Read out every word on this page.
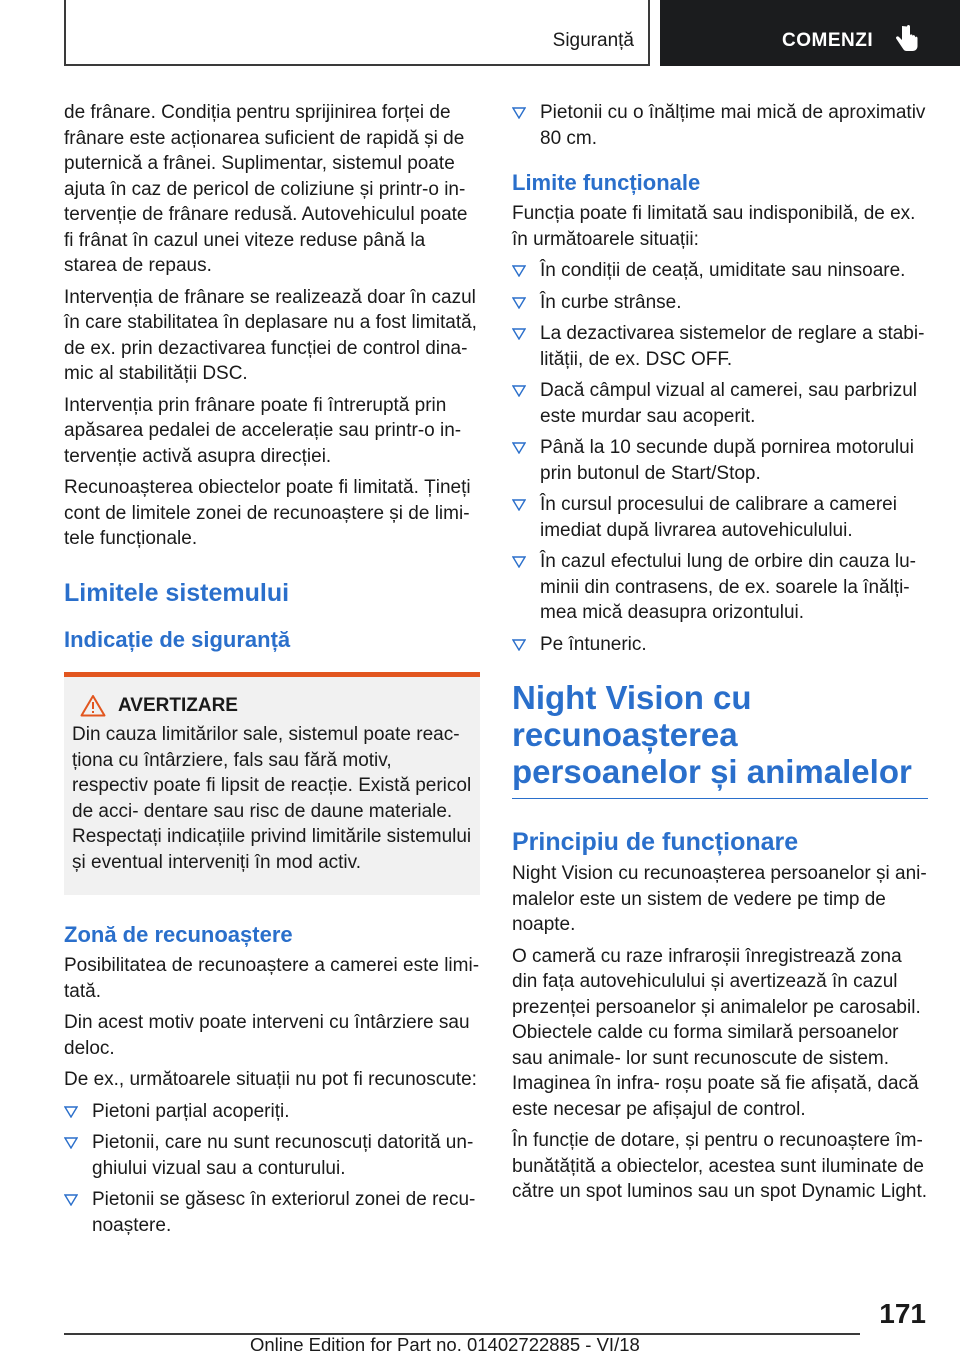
Siguranță	COMENZI

de frânare. Condiția pentru sprijinirea forței de frânare este acționarea suficient de rapidă și de puternică a frânei. Suplimentar, sistemul poate ajuta în caz de pericol de coliziune și printr-o in‐ tervenție de frânare redusă. Autovehiculul poate fi frânat în cazul unei viteze reduse până la starea de repaus.

Intervenția de frânare se realizează doar în cazul în care stabilitatea în deplasare nu a fost limitată, de ex. prin dezactivarea funcției de control dina‐ mic al stabilității DSC.

Intervenția prin frânare poate fi întreruptă prin apăsarea pedalei de accelerație sau printr-o in‐ tervenție activă asupra direcției.

Recunoașterea obiectelor poate fi limitată. Țineți cont de limitele zonei de recunoaștere și de limi‐ tele funcționale.

Limitele sistemului
Indicație de siguranță
AVERTIZARE

Din cauza limitărilor sale, sistemul poate reac‐ ționa cu întârziere, fals sau fără motiv, respectiv poate fi lipsit de reacție. Există pericol de acci‐ dentare sau risc de daune materiale. Respectați indicațiile privind limitările sistemului și eventual interveniți în mod activ.

Zonă de recunoaștere

Posibilitatea de recunoaștere a camerei este limi‐ tată.

Din acest motiv poate interveni cu întârziere sau deloc.

De ex., următoarele situații nu pot fi recunoscute:

Pietoni parțial acoperiți.
Pietonii, care nu sunt recunoscuți datorită un‐ ghiului vizual sau a conturului.
Pietonii se găsesc în exteriorul zonei de recu‐ noaștere.
Pietonii cu o înălțime mai mică de aproximativ 80 cm.
Limite funcționale

Funcția poate fi limitată sau indisponibilă, de ex. în următoarele situații:

În condiții de ceață, umiditate sau ninsoare.
În curbe strânse.
La dezactivarea sistemelor de reglare a stabi‐ lității, de ex. DSC OFF.
Dacă câmpul vizual al camerei, sau parbrizul este murdar sau acoperit.
Până la 10 secunde după pornirea motorului prin butonul de Start/Stop.
În cursul procesului de calibrare a camerei imediat după livrarea autovehiculului.
În cazul efectului lung de orbire din cauza lu‐ minii din contrasens, de ex. soarele la înălți‐ mea mică deasupra orizontului.
Pe întuneric.
Night Vision cu recunoașterea persoanelor și animalelor
Principiu de funcționare

Night Vision cu recunoașterea persoanelor și ani‐ malelor este un sistem de vedere pe timp de noapte.

O cameră cu raze infraroșii înregistrează zona din fața autovehiculului și avertizează în cazul prezenței persoanelor și animalelor pe carosabil. Obiectele calde cu forma similară persoanelor sau animale‐ lor sunt recunoscute de sistem. Imaginea în infra‐ roșu poate să fie afișată, dacă este necesar pe afișajul de control.

În funcție de dotare, și pentru o recunoaștere îm‐ bunătățită a obiectelor, acestea sunt iluminate de către un spot luminos sau un spot Dynamic Light.

171
Online Edition for Part no. 01402722885 - VI/18
